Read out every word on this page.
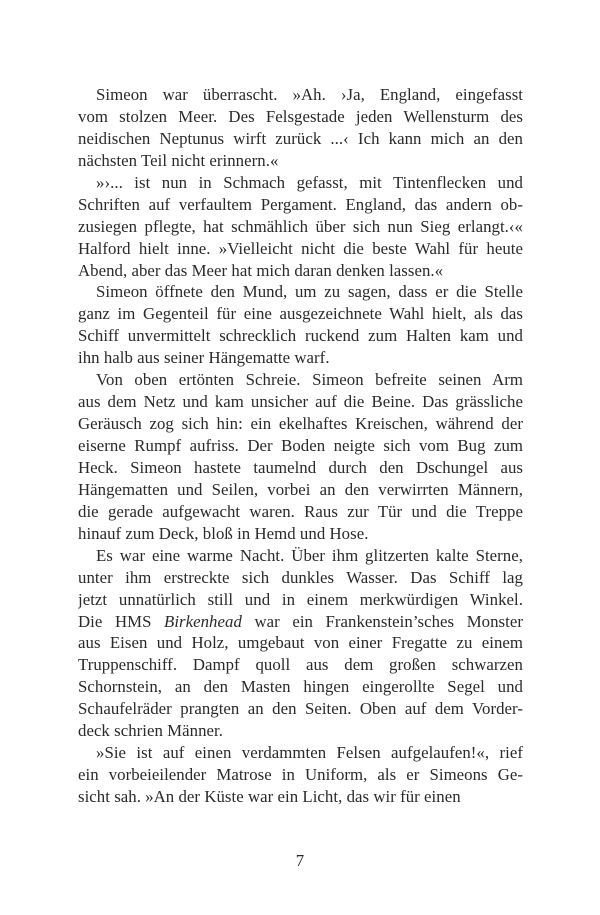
Simeon war überrascht. »Ah. ›Ja, England, eingefasst
vom stolzen Meer. Des Felsgestade jeden Wellensturm des
neidischen Neptunus wirft zurück ...‹ Ich kann mich an den
nächsten Teil nicht erinnern.«
»›... ist nun in Schmach gefasst, mit Tintenflecken und
Schriften auf verfaultem Pergament. England, das andern ob-
zusiegen pflegte, hat schmählich über sich nun Sieg erlangt.‹«
Halford hielt inne. »Vielleicht nicht die beste Wahl für heute
Abend, aber das Meer hat mich daran denken lassen.«
Simeon öffnete den Mund, um zu sagen, dass er die Stelle
ganz im Gegenteil für eine ausgezeichnete Wahl hielt, als das
Schiff unvermittelt schrecklich ruckend zum Halten kam und
ihn halb aus seiner Hängematte warf.
Von oben ertönten Schreie. Simeon befreite seinen Arm
aus dem Netz und kam unsicher auf die Beine. Das grässliche
Geräusch zog sich hin: ein ekelhaftes Kreischen, während der
eiserne Rumpf aufriss. Der Boden neigte sich vom Bug zum
Heck. Simeon hastete taumelnd durch den Dschungel aus
Hängematten und Seilen, vorbei an den verwirrten Männern,
die gerade aufgewacht waren. Raus zur Tür und die Treppe
hinauf zum Deck, bloß in Hemd und Hose.
Es war eine warme Nacht. Über ihm glitzerten kalte Sterne,
unter ihm erstreckte sich dunkles Wasser. Das Schiff lag
jetzt unnatürlich still und in einem merkwürdigen Winkel.
Die HMS Birkenhead war ein Frankenstein’sches Monster
aus Eisen und Holz, umgebaut von einer Fregatte zu einem
Truppenschiff. Dampf quoll aus dem großen schwarzen
Schornstein, an den Masten hingen eingerollte Segel und
Schaufelräder prangten an den Seiten. Oben auf dem Vorder-
deck schrien Männer.
»Sie ist auf einen verdammten Felsen aufgelaufen!«, rief
ein vorbeieilender Matrose in Uniform, als er Simeons Ge-
sicht sah. »An der Küste war ein Licht, das wir für einen
7
